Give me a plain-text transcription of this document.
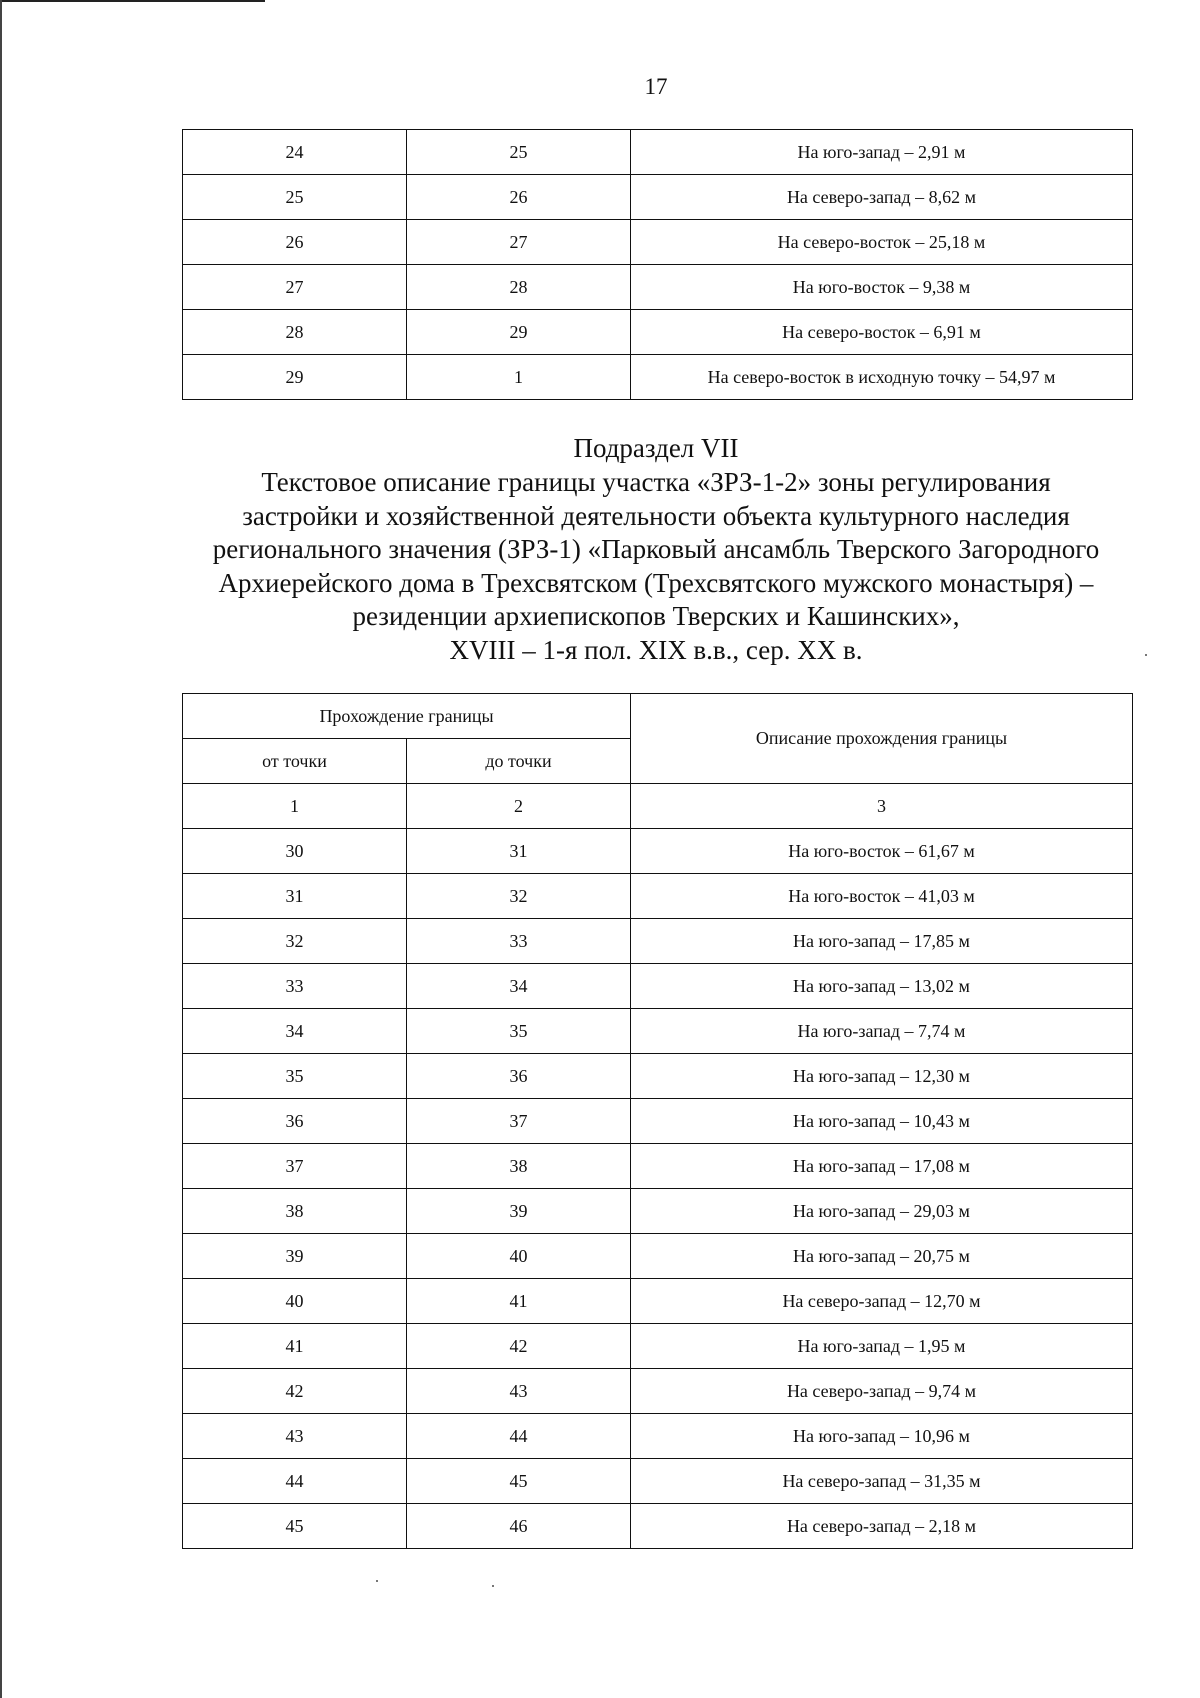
17
24	25	На юго-запад – 2,91 м
25	26	На северо-запад – 8,62 м
26	27	На северо-восток – 25,18 м
27	28	На юго-восток – 9,38 м
28	29	На северо-восток – 6,91 м
29	1	На северо-восток в исходную точку – 54,97 м
Подраздел VII
Текстовое описание границы участка «ЗРЗ-1-2» зоны регулирования
застройки и хозяйственной деятельности объекта культурного наследия
регионального значения (ЗРЗ-1) «Парковый ансамбль Тверского Загородного
Архиерейского дома в Трехсвятском (Трехсвятского мужского монастыря) –
резиденции архиепископов Тверских и Кашинских»,
XVIII – 1-я пол. XIX в.в., сер. XX в.
Прохождение границы		Описание прохождения границы
от точки	до точки	
1	2	3
30	31	На юго-восток – 61,67 м
31	32	На юго-восток – 41,03 м
32	33	На юго-запад – 17,85 м
33	34	На юго-запад – 13,02 м
34	35	На юго-запад – 7,74 м
35	36	На юго-запад – 12,30 м
36	37	На юго-запад – 10,43 м
37	38	На юго-запад – 17,08 м
38	39	На юго-запад – 29,03 м
39	40	На юго-запад – 20,75 м
40	41	На северо-запад – 12,70 м
41	42	На юго-запад – 1,95 м
42	43	На северо-запад – 9,74 м
43	44	На юго-запад – 10,96 м
44	45	На северо-запад – 31,35 м
45	46	На северо-запад – 2,18 м
